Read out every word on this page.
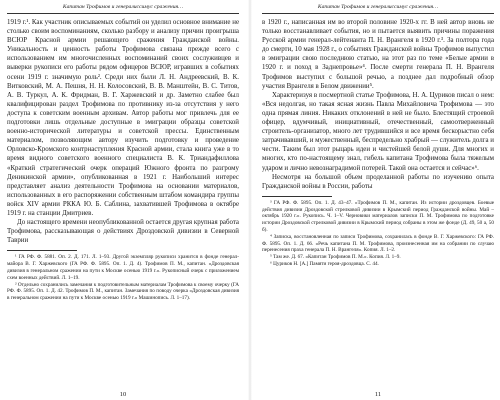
Капитан Трофимов и генералиссимус сражения…

1919 г.¹. Как участник описываемых событий он уделил основное внимание не столько своим воспоминаниям, сколько разбору и анализу причин проигрыша ВСЮР Красной армии решающего сражения Гражданской войны. Уникальность и ценность работы Трофимова связана прежде всего с использованием им многочисленных воспоминаний своих сослуживцев и выверки рукописи его работы рядом офицеров ВСЮР, игравших в событиях осени 1919 г. значимую роль². Среди них были Л. Н. Андреевский, В. К. Витковский, М. А. Пешня, Н. Н. Колосовский, В. В. Манштейн, В. С. Титов, А. В. Туркул, А. К. Фридман, В. Г. Харжевский и др. Заметно слабее был квалифицирован раздел Трофимова по противнику из-за отсутствия у него доступа к советским военным архивам. Автор работы мог привлечь для ее подготовки лишь отдельные доступные в эмиграции образцы советской военно-исторической литературы и советской прессы. Единственным материалом, позволяющим автору изучить подготовку и проведение Орловско-Кромского контрнаступления Красной армии, стала книга уже в то время видного советского военного специалиста В. К. Триандафиллова «Краткий стратегический очерк операций Южного фронта по разгрому Деникинской армии», опубликованная в 1921 г. Наибольший интерес представляет анализ деятельности Трофимова на основании материалов, использованных в его распоряжении собственным штабом командира группы войск XIV армии РККА Ю. Б. Саблина, захватившей Трофимова в октябре 1919 г. на станции Дмитриев.

До настоящего времени неопубликованной остается другая крупная работа Трофимова, рассказывающая о действиях Дроздовской дивизии в Северной Таврии

¹ ГА РФ. Ф. 5881. Оп. 2. Д. 171. Л. 1–93. Другой экземпляр рукописи хранится в фонде генерал-майора В. Г. Харжевского (ГА РФ. Ф. 5895. Оп. 1. Д. 4). Трофимов П. М., капитан. «Дроздовская дивизия в генеральном сражении на пути к Москве осенью 1919 г.». Рукописный очерк с приложением схем военных действий. Л. 1–19.

² Отдельно сохранились замечания к подготовительным материалам Трофимова к своему очерку (ГА РФ. Ф. 5895. Оп. 1. Д. 42. Трофимов П. М., капитан. Замечания по поводу очерка «Дроздовская дивизия в генеральном сражении на пути к Москве осенью 1919 г.» Машинопись. Л. 1–17).

10
Капитан Трофимов и генералиссимус сражения…

в 1920 г., написанная им во второй половине 1920-х гг. В ней автор вновь не только восстанавливает события, но и пытается выявить причины поражения Русской армии генерал-лейтенанта П. Н. Врангеля в 1920 г.³. За полтора года до смерти, 10 мая 1928 г., о событиях Гражданской войны Трофимов выпустил в эмиграции свою последнюю статью, на этот раз по теме «Белые армии в 1920 г. и поход в Заднепровье»⁴. После смерти генерала П. Н. Врангеля Трофимов выступил с большой речью, а позднее дал подробный обзор участия Врангеля в Белом движении⁵.

Характеризуя в посмертной статье Трофимова, Н. А. Цуриков писал о нем: «Вся недолгая, но такая ясная жизнь Павла Михайловича Трофимова — это одна прямая линия. Никаких отклонений в ней не было. Блестящий строевой офицер, вдумчивый, инициативный, отечественный, самоотверженный строитель-организатор, много лет трудившийся и все время бескорыстно себя затрачивавший, и мужественный, беспредельно храбрый — служитель долга и чести. Таким был этот рыцарь идеи и чистейшей белой души. Для многих и многих, кто по-настоящему знал, гибель капитана Трофимова была тяжелым ударом и лично невознаградимой потерей. Такой она остается и сейчас»⁶.

Несмотря на большой объем проделанной работы по изучению опыта Гражданской войны в России, работы

³ ГА РФ. Ф. 5895. Оп. 1. Д. 43–47. «Трофимов П. М., капитан. Из истории дроздовцев. Боевые действия дивизии Дроздовской стрелковой дивизии в Крымский период Гражданской войны. Май – октябрь 1920 г.». Рукопись. Ч. 1–V. Черновики материалов записки П. М. Трофимова по подготовке истории Дроздовской стрелковой дивизии в Крымский период собраны в этом же фонде (Д. 49, 50 а, 50 б).

⁴ Записка, восстановленная по записи Трофимова, сохранилась в фонде В. Г. Харжевского: ГА РФ. Ф. 5895. Оп. 1. Д. 66. «Речь капитана П. М. Трофимова, произнесенная им на собрании по случаю перенесения праха генерала П. Н. Врангеля». Копия. Л. 1–2.

⁵ Там же. Д. 67. «Капитан Трофимов П. М.». Копия. Л. 1–9.

⁶ Цуриков Н. [А.] Памяти героя-дроздовца. С. 44.

11
